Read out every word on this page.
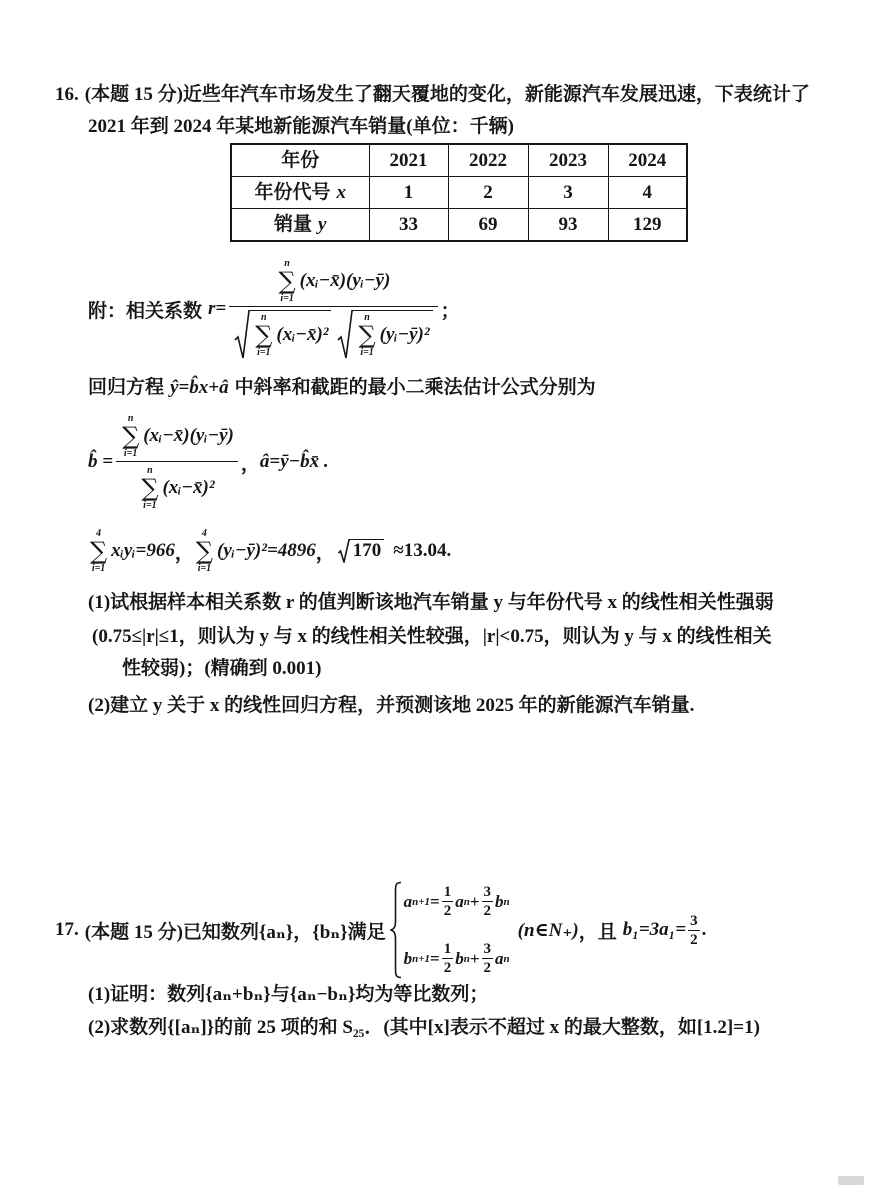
16. (本题 15 分)近些年汽车市场发生了翻天覆地的变化，新能源汽车发展迅速，下表统计了
2021 年到 2024 年某地新能源汽车销量(单位：千辆)
年份	2021	2022	2023	2024
年份代号 x	1	2	3	4
销量 y	33	69	93	129
附：相关系数 r=
n
∑
i=1
(xᵢ−x̄)(yᵢ−ȳ)
n
∑
i=1
(xᵢ−x̄)²
n
∑
i=1
(yᵢ−ȳ)²
；
回归方程 ŷ=b̂x+â 中斜率和截距的最小二乘法估计公式分别为
b̂ = n
∑
i=1
(xᵢ−x̄)(yᵢ−ȳ)
n
∑
i=1
(xᵢ−x̄)² ， â=ȳ−b̂x̄ .
4
∑
i=1
xᵢyᵢ=966 ，
4
∑
i=1
(yᵢ−ȳ)²=4896 ， 170 ≈13.04.
(1)试根据样本相关系数 r 的值判断该地汽车销量 y 与年份代号 x 的线性相关性强弱
(0.75≤|r|≤1，则认为 y 与 x 的线性相关性较强，|r|<0.75，则认为 y 与 x 的线性相关
性较弱)；(精确到 0.001)
(2)建立 y 关于 x 的线性回归方程，并预测该地 2025 年的新能源汽车销量.
17. (本题 15 分) 已知数列{aₙ}，{bₙ}满足
a $n+1 = \frac{1}{2}$ a $n + \frac{3}{2}$ b n
b $n+1 = \frac{1}{2}$ b $n + \frac{3}{2}$ a n
(n∈N₊) ，且 $b_1=3a_1= \frac{3}{2}$ .
(1)证明：数列{aₙ+bₙ}与{aₙ−bₙ}均为等比数列；
(2)求数列{[aₙ]}的前 25 项的和 S₂₅．(其中[x]表示不超过 x 的最大整数，如[1.2]=1)
